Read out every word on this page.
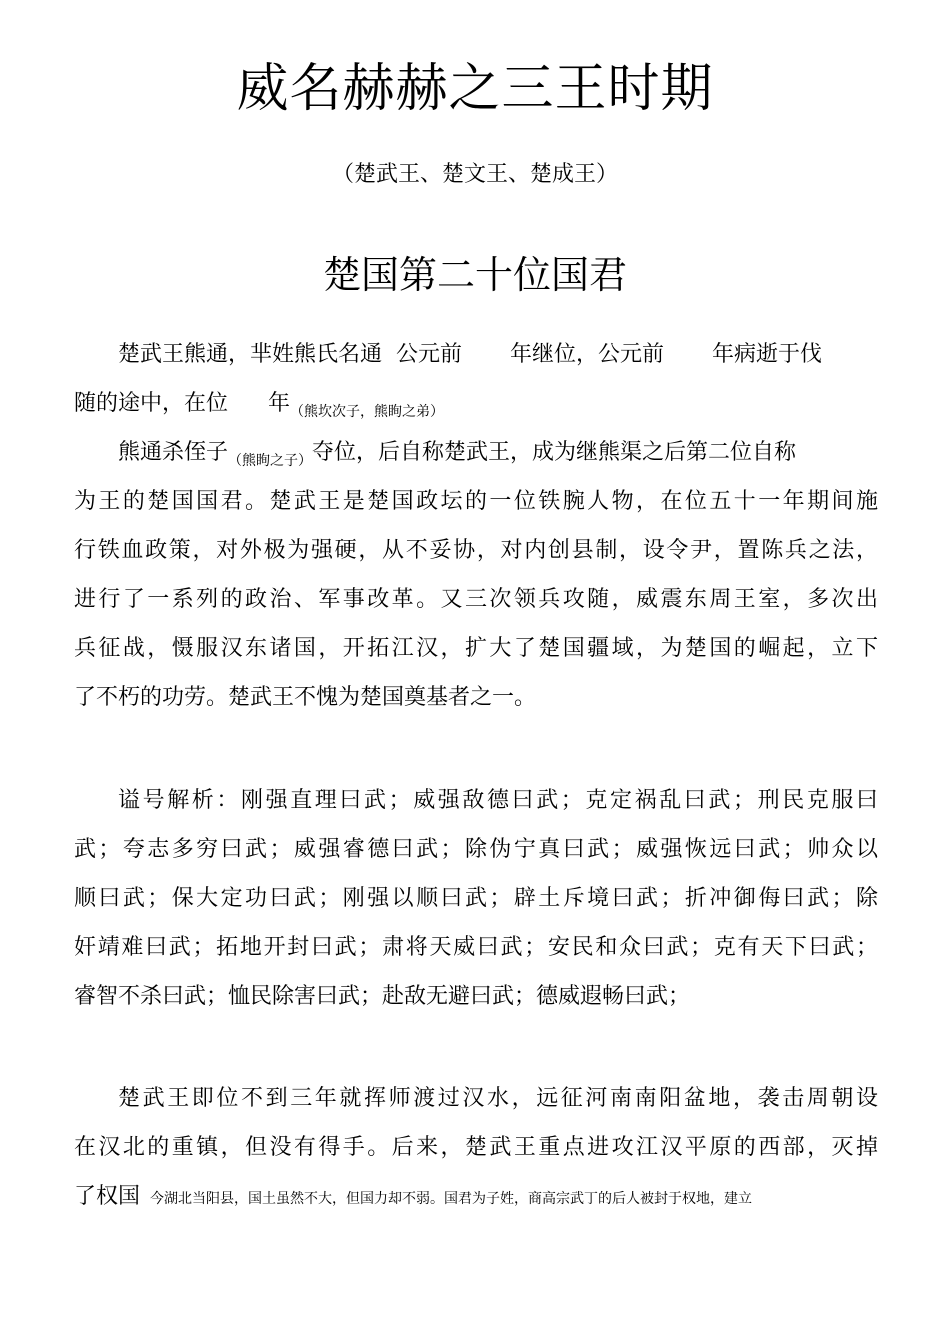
威名赫赫之三王时期
（楚武王、楚文王、楚成王）
楚国第二十位国君
楚武王熊通，芈姓熊氏名通 公元前 年继位，公元前 年病逝于伐
随的途中，在位 年$_{(熊坎次子,熊眴之弟)}$
熊通杀侄子$_{(熊眴之子)}$夺位，后自称楚武王，成为继熊渠之后第二位自称
为王的楚国国君。楚武王是楚国政坛的一位铁腕人物，在位五十一年期间施
行铁血政策，对外极为强硬，从不妥协，对内创县制，设令尹，置陈兵之法，
进行了一系列的政治、军事改革。又三次领兵攻随，威震东周王室，多次出
兵征战，慑服汉东诸国，开拓江汉，扩大了楚国疆域，为楚国的崛起，立下
了不朽的功劳。楚武王不愧为楚国奠基者之一。
谥号解析：刚强直理曰武；威强敌德曰武；克定祸乱曰武；刑民克服曰
武；夸志多穷曰武；威强睿德曰武；除伪宁真曰武；威强恢远曰武；帅众以
顺曰武；保大定功曰武；刚强以顺曰武；辟土斥境曰武；折冲御侮曰武；除
奸靖难曰武；拓地开封曰武；肃将天威曰武；安民和众曰武；克有天下曰武；
睿智不杀曰武；恤民除害曰武；赴敌无避曰武；德威遐畅曰武；
楚武王即位不到三年就挥师渡过汉水，远征河南南阳盆地，袭击周朝设
在汉北的重镇，但没有得手。后来，楚武王重点进攻江汉平原的西部，灭掉
了权国 今湖北当阳县，国土虽然不大，但国力却不弱。国君为子姓，商高宗武丁的后人被封于权地，建立
